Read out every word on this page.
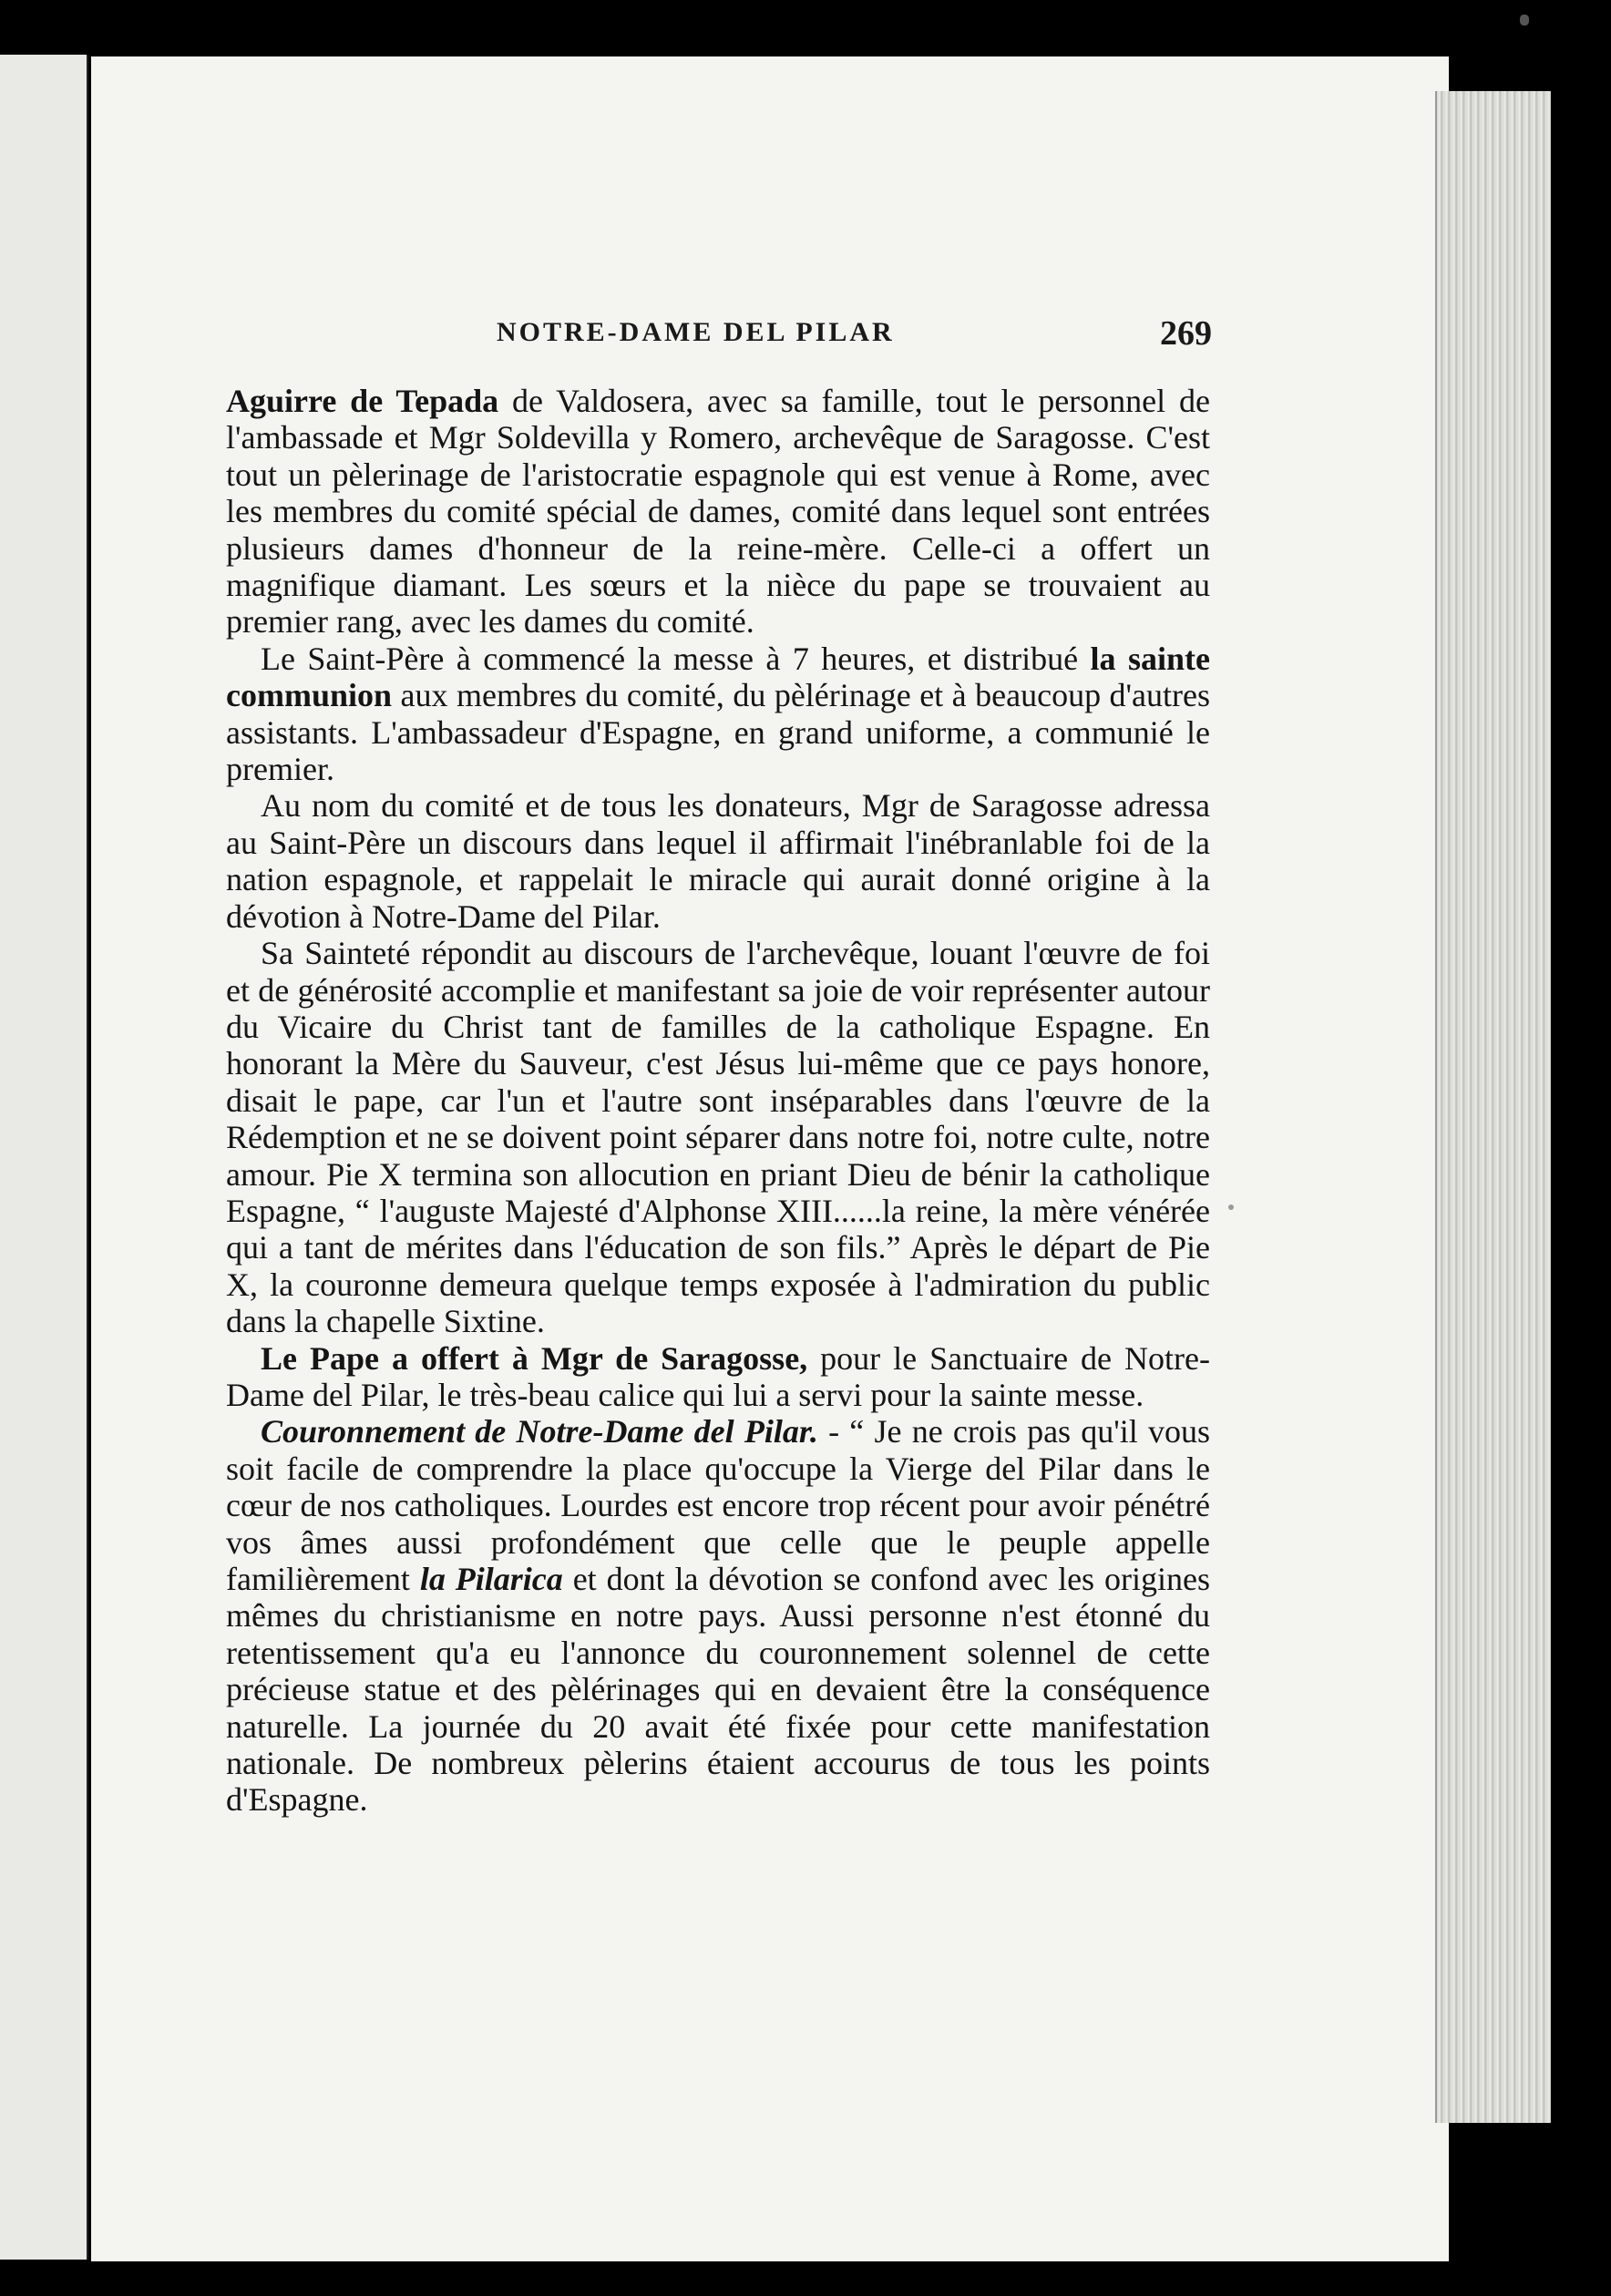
NOTRE-DAME DEL PILAR	269

Aguirre de Tepada de Valdosera, avec sa famille, tout le personnel de l'ambassade et Mgr Soldevilla y Romero, archevêque de Saragosse. C'est tout un pèlerinage de l'aristocratie espagnole qui est venue à Rome, avec les membres du comité spécial de dames, comité dans lequel sont entrées plusieurs dames d'honneur de la reine-mère. Celle-ci a offert un magnifique diamant. Les sœurs et la nièce du pape se trouvaient au premier rang, avec les dames du comité.

Le Saint-Père à commencé la messe à 7 heures, et distribué la sainte communion aux membres du comité, du pèlérinage et à beaucoup d'autres assistants. L'ambassadeur d'Espagne, en grand uniforme, a communié le premier.

Au nom du comité et de tous les donateurs, Mgr de Saragosse adressa au Saint-Père un discours dans lequel il affirmait l'inébranlable foi de la nation espagnole, et rappelait le miracle qui aurait donné origine à la dévotion à Notre-Dame del Pilar.

Sa Sainteté répondit au discours de l'archevêque, louant l'œuvre de foi et de générosité accomplie et manifestant sa joie de voir représenter autour du Vicaire du Christ tant de familles de la catholique Espagne. En honorant la Mère du Sauveur, c'est Jésus lui-même que ce pays honore, disait le pape, car l'un et l'autre sont inséparables dans l'œuvre de la Rédemption et ne se doivent point séparer dans notre foi, notre culte, notre amour. Pie X termina son allocution en priant Dieu de bénir la catholique Espagne, “ l'auguste Majesté d'Alphonse XIII......la reine, la mère vénérée qui a tant de mérites dans l'éducation de son fils.” Après le départ de Pie X, la couronne demeura quelque temps exposée à l'admiration du public dans la chapelle Sixtine.

Le Pape a offert à Mgr de Saragosse, pour le Sanctuaire de Notre-Dame del Pilar, le très-beau calice qui lui a servi pour la sainte messe.

Couronnement de Notre-Dame del Pilar. - “ Je ne crois pas qu'il vous soit facile de comprendre la place qu'occupe la Vierge del Pilar dans le cœur de nos catholiques. Lourdes est encore trop récent pour avoir pénétré vos âmes aussi profondément que celle que le peuple appelle familièrement la Pilarica et dont la dévotion se confond avec les origines mêmes du christianisme en notre pays. Aussi personne n'est étonné du retentissement qu'a eu l'annonce du couronnement solennel de cette précieuse statue et des pèlérinages qui en devaient être la conséquence naturelle. La journée du 20 avait été fixée pour cette manifestation nationale. De nombreux pèlerins étaient accourus de tous les points d'Espagne.
